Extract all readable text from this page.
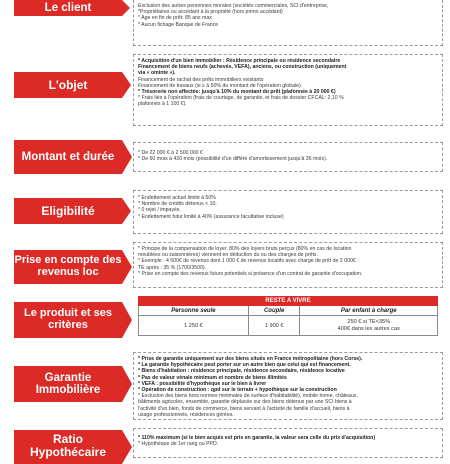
Le client	Exclusion des autres personnes morales (sociétés commerciales, SCI d'entreprise,

*Propriétaires ou accédant à la propriété (hors primo accédant)

* Age en fin de prêt: 85 ans max

* Aucun fichage Banque de France

L'objet

* Acquisition d'un bien immobilier : Résidence principale ou résidence secondaire

Financement de biens neufs (achevés, VEFA), anciens, ou construction (uniquement

via « ominte »).

Financement de rachat des prêts immobiliers existants

Financement de travaux (si ≥ à 50% du montant de l'opération globale).

* Trésorerie non affectée: jusqu'à 10% du montant du prêt (plafonnée à 20 000 €)

* Frais liés à l'opération (frais de courtage, de garantie, et frais de dossier CFCAL: 2,10 %

plafonnés à 1 100 €).

Montant et durée	* De 22 000 € à 2 500 000 €

* De 60 mois à 420 mois (possibilité d'un différé d'amortissement jusqu'à 36 mois).

Eligibilité

* Endettement actuel limité à 50%

* Nombre de crédits détenus < 10.

* 0 rejet / impayés.

* Endettement futur limité à 40% (assurance facultative incluse)

Prise en compte des revenus loc

* Principe de la compensation de loyer. 80% des loyers bruts perçus (80% en cas de location

meublées ou saisonnières) viennent en déduction du ou des charges de prêts.

* Exemple : 4 500€ de revenus dont 1 000 € de revenus locatifs avec charge de prêt de 2 000€ :

TE après : 35 % (1700/3500).

* Prise en compte des revenus futurs potentiels si présence d'un contrat de garantie d'occupation.

Le produit et ses critères
RESTE A VIVRE		
Personne seule	Couple	Par enfant à charge
1 250 €	1 900 €	250 € si TE<35%
400€ dans les autres cas
Garantie Immobilière

* Prise de garantie uniquement sur des biens situés en France métropolitaine (hors Corse).

* La garantie hypothécaire peut porter sur un autre bien que celui qui est financement.

* Biens d'habitation : résidence principale, résidence secondaire, résidence locative

* Pas de valeur vénale minimum et nombre de biens illimités

* VEFA : possibilité d'hypothèque sur le bien à livrer

* Opération de construction : qpd sur le terrain + hypothèque sur la construction

* Exclusion des biens hors normes minimales de surface d'habitabilité), mobile home, châteaux,

bâtiments agricoles, ensemble, garantie déplacée sur des biens détenus par une SCI biens à

l'activité d'un bien, fonds de commerce, biens servant à l'activité de famille d'accueil, biens à

usage professionnels, résidences gérées.

Ratio Hypothécaire

* 110% maximum (si le bien acquis est pris en garantie, la valeur sera celle du prix d'acquisition)

* Hypothèque de 1er rang ou PPD.
